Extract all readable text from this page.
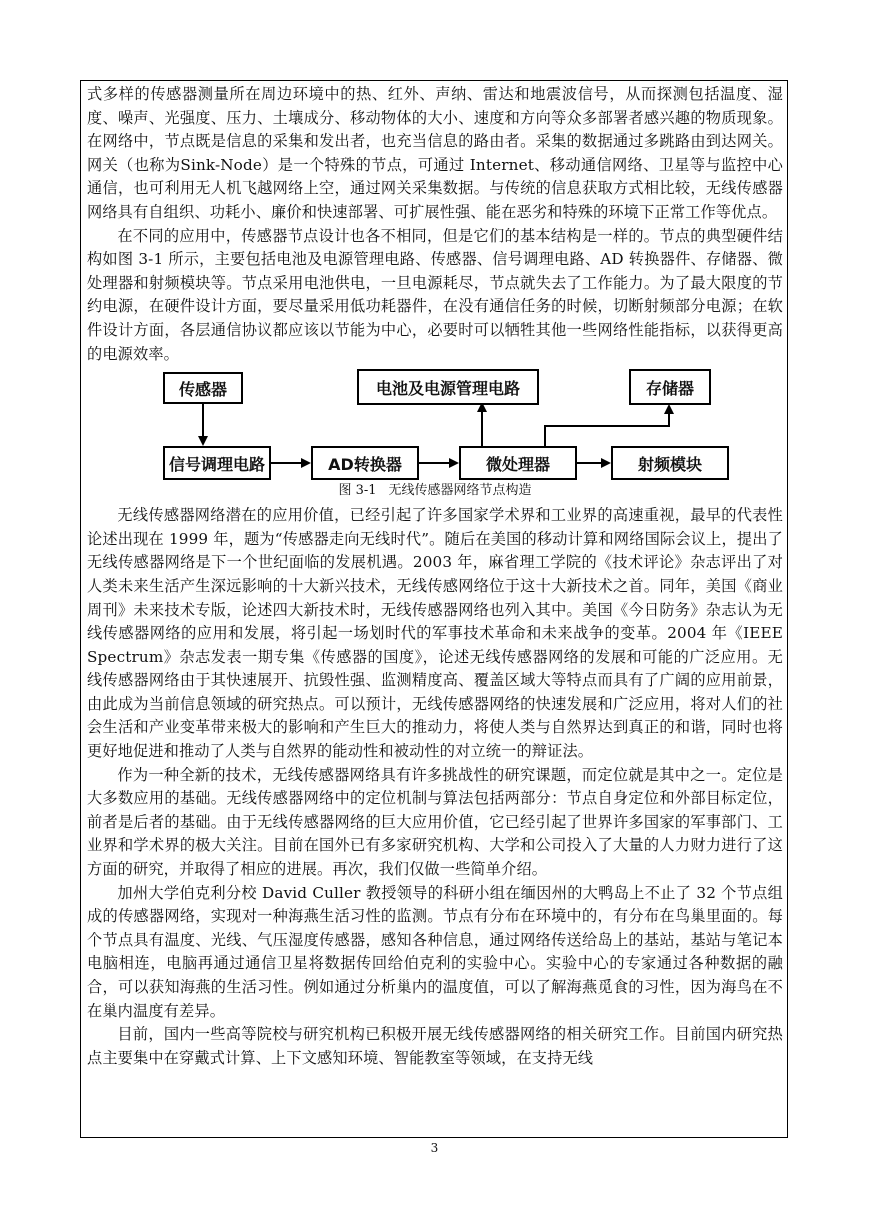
式多样的传感器测量所在周边环境中的热、红外、声纳、雷达和地震波信号，从而探测包括温度、湿度、噪声、光强度、压力、土壤成分、移动物体的大小、速度和方向等众多部署者感兴趣的物质现象。在网络中，节点既是信息的采集和发出者，也充当信息的路由者。采集的数据通过多跳路由到达网关。网关（也称为Sink-Node）是一个特殊的节点，可通过 Internet、移动通信网络、卫星等与监控中心通信，也可利用无人机飞越网络上空，通过网关采集数据。与传统的信息获取方式相比较，无线传感器网络具有自组织、功耗小、廉价和快速部署、可扩展性强、能在恶劣和特殊的环境下正常工作等优点。

在不同的应用中，传感器节点设计也各不相同，但是它们的基本结构是一样的。节点的典型硬件结构如图 3-1 所示，主要包括电池及电源管理电路、传感器、信号调理电路、AD 转换器件、存储器、微处理器和射频模块等。节点采用电池供电，一旦电源耗尽，节点就失去了工作能力。为了最大限度的节约电源，在硬件设计方面，要尽量采用低功耗器件，在没有通信任务的时候，切断射频部分电源；在软件设计方面，各层通信协议都应该以节能为中心，必要时可以牺牲其他一些网络性能指标，以获得更高的电源效率。

传感器	电池及电源管理电路	存储器
信号调理电路	AD转换器	微处理器	射频模块
图 3-1 无线传感器网络节点构造

无线传感器网络潜在的应用价值，已经引起了许多国家学术界和工业界的高速重视，最早的代表性论述出现在 1999 年，题为“传感器走向无线时代”。随后在美国的移动计算和网络国际会议上，提出了无线传感器网络是下一个世纪面临的发展机遇。2003 年，麻省理工学院的《技术评论》杂志评出了对人类未来生活产生深远影响的十大新兴技术，无线传感网络位于这十大新技术之首。同年，美国《商业周刊》未来技术专版，论述四大新技术时，无线传感器网络也列入其中。美国《今日防务》杂志认为无线传感器网络的应用和发展，将引起一场划时代的军事技术革命和未来战争的变革。2004 年《IEEE Spectrum》杂志发表一期专集《传感器的国度》，论述无线传感器网络的发展和可能的广泛应用。无线传感器网络由于其快速展开、抗毁性强、监测精度高、覆盖区域大等特点而具有了广阔的应用前景，由此成为当前信息领域的研究热点。可以预计，无线传感器网络的快速发展和广泛应用，将对人们的社会生活和产业变革带来极大的影响和产生巨大的推动力，将使人类与自然界达到真正的和谐，同时也将更好地促进和推动了人类与自然界的能动性和被动性的对立统一的辩证法。

作为一种全新的技术，无线传感器网络具有许多挑战性的研究课题，而定位就是其中之一。定位是大多数应用的基础。无线传感器网络中的定位机制与算法包括两部分：节点自身定位和外部目标定位，前者是后者的基础。由于无线传感器网络的巨大应用价值，它已经引起了世界许多国家的军事部门、工业界和学术界的极大关注。目前在国外已有多家研究机构、大学和公司投入了大量的人力财力进行了这方面的研究，并取得了相应的进展。再次，我们仅做一些简单介绍。

加州大学伯克利分校 David Culler 教授领导的科研小组在缅因州的大鸭岛上不止了 32 个节点组成的传感器网络，实现对一种海燕生活习性的监测。节点有分布在环境中的，有分布在鸟巢里面的。每个节点具有温度、光线、气压湿度传感器，感知各种信息，通过网络传送给岛上的基站，基站与笔记本电脑相连，电脑再通过通信卫星将数据传回给伯克利的实验中心。实验中心的专家通过各种数据的融合，可以获知海燕的生活习性。例如通过分析巢内的温度值，可以了解海燕觅食的习性，因为海鸟在不在巢内温度有差异。

目前，国内一些高等院校与研究机构已积极开展无线传感器网络的相关研究工作。目前国内研究热点主要集中在穿戴式计算、上下文感知环境、智能教室等领域，在支持无线

3
